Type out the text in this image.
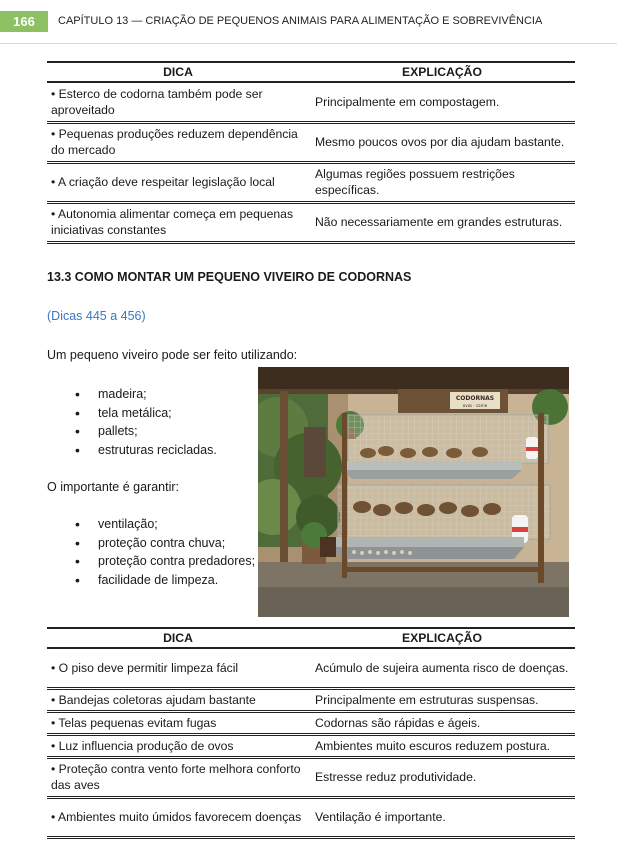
166	CAPÍTULO 13 — CRIAÇÃO DE PEQUENOS ANIMAIS PARA ALIMENTAÇÃO E SOBREVIVÊNCIA
DICA	EXPLICAÇÃO
• Esterco de codorna também pode ser aproveitado	Principalmente em compostagem.
• Pequenas produções reduzem dependência do mercado	Mesmo poucos ovos por dia ajudam bastante.
• A criação deve respeitar legislação local	Algumas regiões possuem restrições específicas.
• Autonomia alimentar começa em pequenas iniciativas constantes	Não necessariamente em grandes estruturas.
13.3 COMO MONTAR UM PEQUENO VIVEIRO DE CODORNAS
(Dicas 445 a 456)
Um pequeno viveiro pode ser feito utilizando:
• madeira;
• tela metálica;
• pallets;
• estruturas recicladas.
O importante é garantir:
• ventilação;
• proteção contra chuva;
• proteção contra predadores;
• facilidade de limpeza.
CODORNAS
ovos · carne
DICA	EXPLICAÇÃO
• O piso deve permitir limpeza fácil	Acúmulo de sujeira aumenta risco de doenças.
• Bandejas coletoras ajudam bastante	Principalmente em estruturas suspensas.
• Telas pequenas evitam fugas	Codornas são rápidas e ágeis.
• Luz influencia produção de ovos	Ambientes muito escuros reduzem postura.
• Proteção contra vento forte melhora conforto das aves	Estresse reduz produtividade.
• Ambientes muito úmidos favorecem doenças	Ventilação é importante.
